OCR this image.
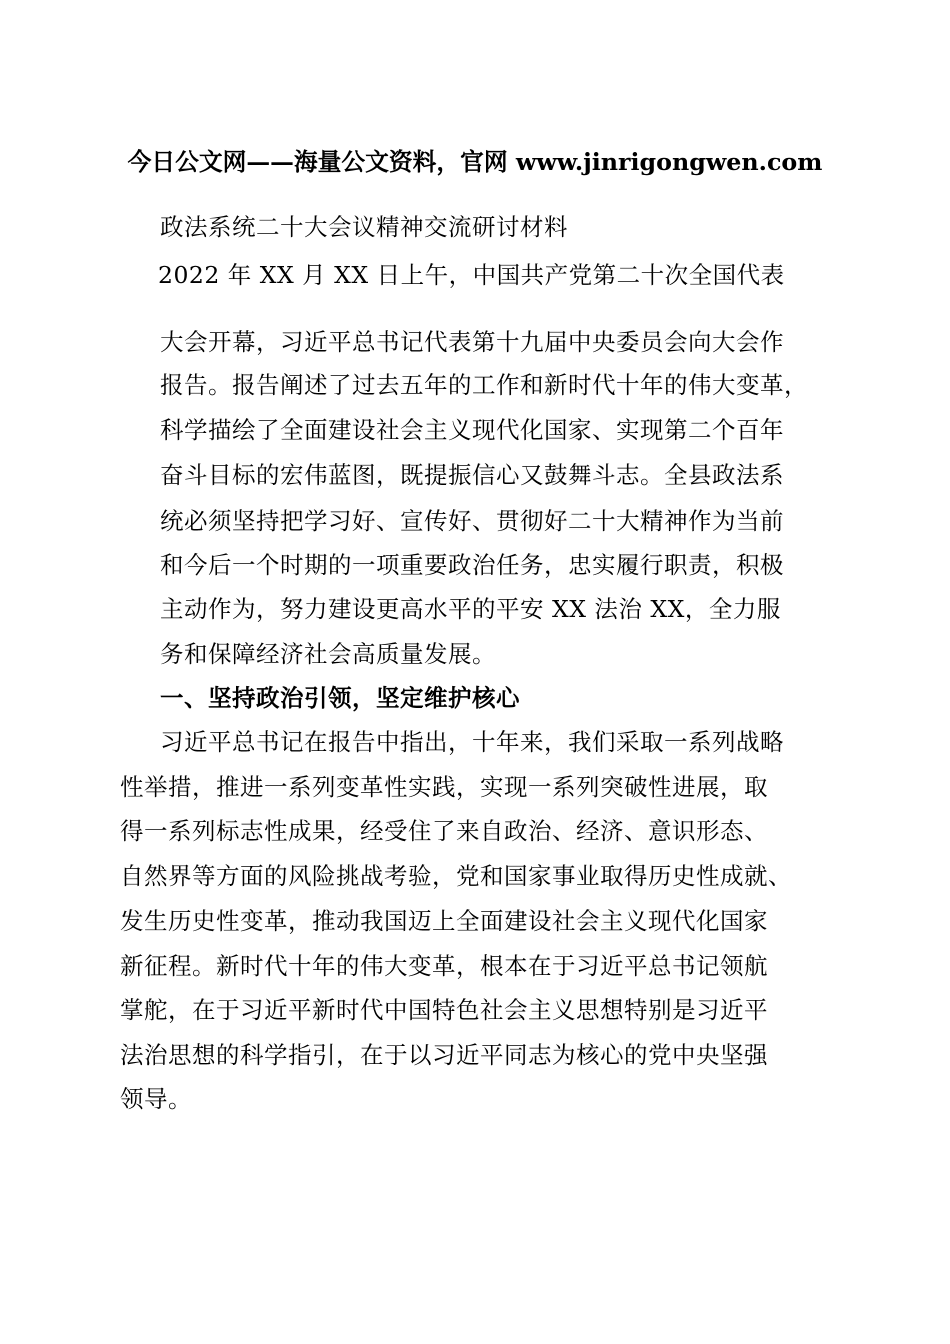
今日公文网——海量公文资料，官网 www.jinrigongwen.com
政法系统二十大会议精神交流研讨材料
2022 年 XX 月 XX 日上午，中国共产党第二十次全国代表
大会开幕，习近平总书记代表第十九届中央委员会向大会作
报告。报告阐述了过去五年的工作和新时代十年的伟大变革，
科学描绘了全面建设社会主义现代化国家、实现第二个百年
奋斗目标的宏伟蓝图，既提振信心又鼓舞斗志。全县政法系
统必须坚持把学习好、宣传好、贯彻好二十大精神作为当前
和今后一个时期的一项重要政治任务，忠实履行职责，积极
主动作为，努力建设更高水平的平安 XX 法治 XX，全力服
务和保障经济社会高质量发展。
一、坚持政治引领，坚定维护核心
习近平总书记在报告中指出，十年来，我们采取一系列战略
性举措，推进一系列变革性实践，实现一系列突破性进展，取
得一系列标志性成果，经受住了来自政治、经济、意识形态、
自然界等方面的风险挑战考验，党和国家事业取得历史性成就、
发生历史性变革，推动我国迈上全面建设社会主义现代化国家
新征程。新时代十年的伟大变革，根本在于习近平总书记领航
掌舵，在于习近平新时代中国特色社会主义思想特别是习近平
法治思想的科学指引，在于以习近平同志为核心的党中央坚强
领导。
